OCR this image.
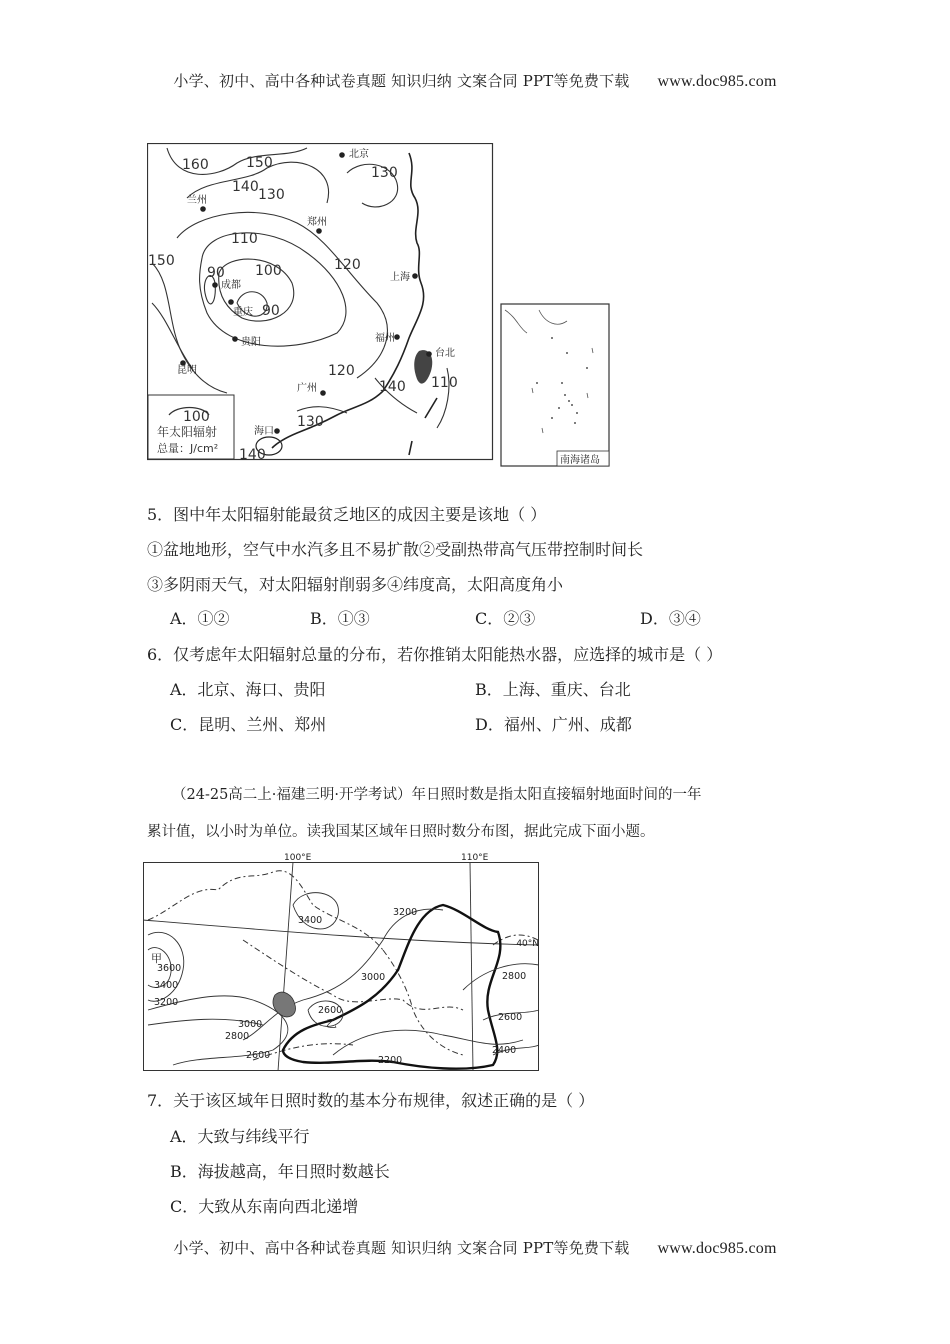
小学、初中、高中各种试卷真题 知识归纳 文案合同 PPT等免费下载 www.doc985.com
160	150
140 130
130
110
100
90
90
150	120
120
140 110
130
140
北京
兰州
郑州
上海
成都
重庆
贵阳	福州
台北
昆明
广州
海口
100
年太阳辐射
总量：J/cm²
南海诸岛
5．图中年太阳辐射能最贫乏地区的成因主要是该地（ ）
①盆地地形，空气中水汽多且不易扩散②受副热带高气压带控制时间长
③多阴雨天气，对太阳辐射削弱多④纬度高，太阳高度角小
A．①②	B．①③	C．②③	D．③④
6．仅考虑年太阳辐射总量的分布，若你推销太阳能热水器，应选择的城市是（ ）
A．北京、海口、贵阳	B．上海、重庆、台北
C．昆明、兰州、郑州	D．福州、广州、成都
（24-25高二上·福建三明·开学考试）年日照时数是指太阳直接辐射地面时间的一年
累计值，以小时为单位。读我国某区域年日照时数分布图，据此完成下面小题。
100°E	110°E
40°N
甲
乙
3400
3200
3600
3400
3200
3000
3000
2800
2600
2600	2200
2800
2600
2400
7．关于该区域年日照时数的基本分布规律，叙述正确的是（ ）
A．大致与纬线平行
B．海拔越高，年日照时数越长
C．大致从东南向西北递增
小学、初中、高中各种试卷真题 知识归纳 文案合同 PPT等免费下载 www.doc985.com
